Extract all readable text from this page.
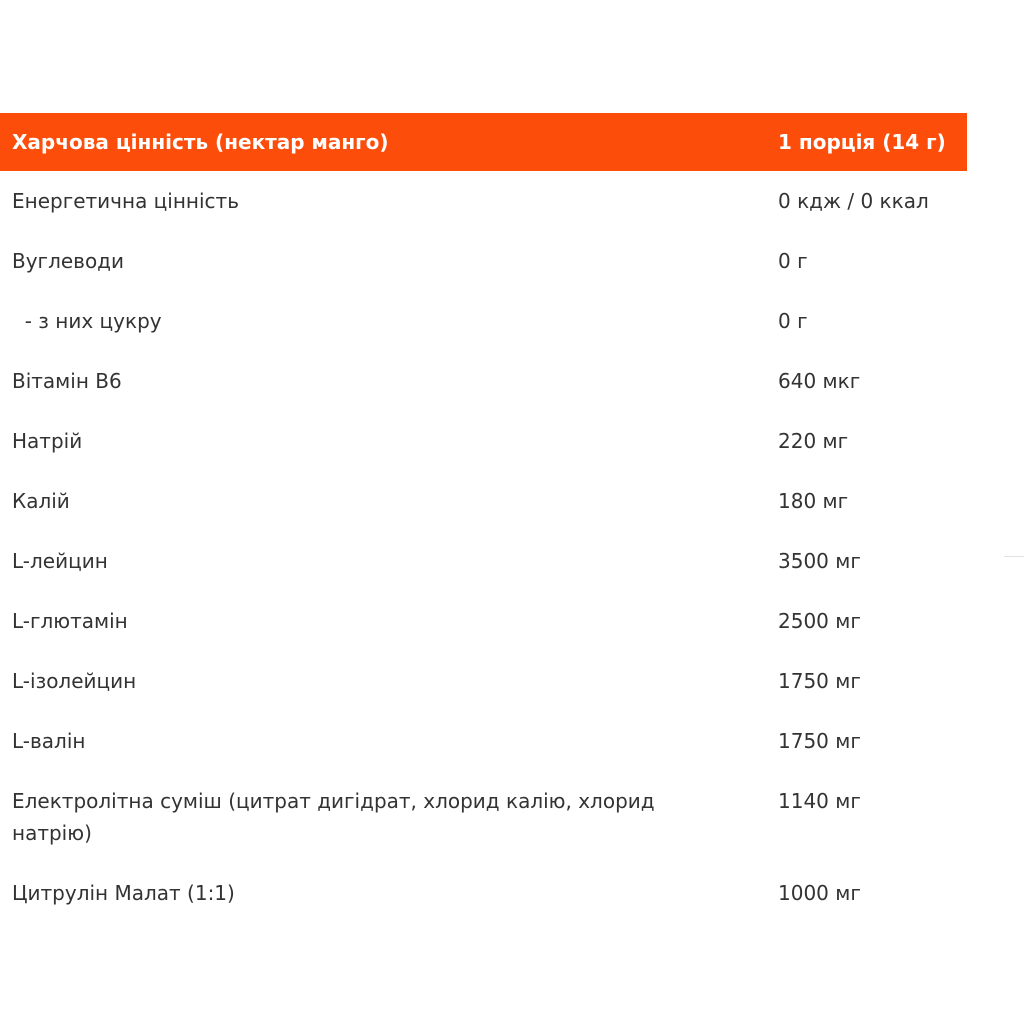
Харчова цінність (нектар манго)	1 порція (14 г)
Енергетична цінність	0 кдж / 0 ккал
Вуглеводи	0 г
- з них цукру	0 г
Вітамін B6	640 мкг
Натрій	220 мг
Калій	180 мг
L-лейцин	3500 мг
L-глютамін	2500 мг
L-ізолейцин	1750 мг
L-валін	1750 мг
Електролітна суміш (цитрат дигідрат, хлорид калію, хлорид натрію)	1140 мг
Цитрулін Малат (1:1)	1000 мг
